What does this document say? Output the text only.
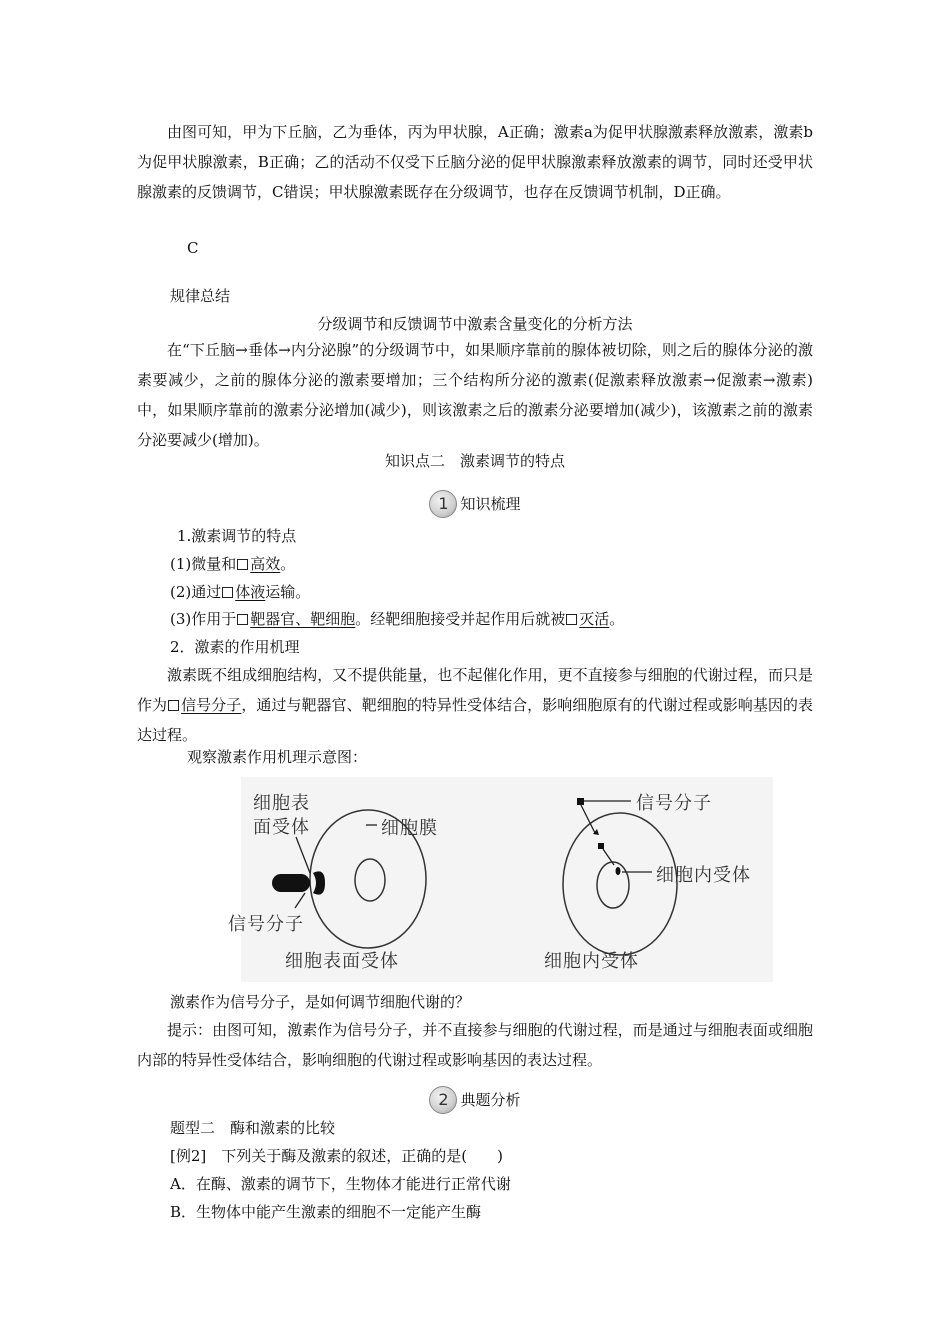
由图可知，甲为下丘脑，乙为垂体，丙为甲状腺，A正确；激素a为促甲状腺激素释放激素，激素b为促甲状腺激素，B正确；乙的活动不仅受下丘脑分泌的促甲状腺激素释放激素的调节，同时还受甲状腺激素的反馈调节，C错误；甲状腺激素既存在分级调节，也存在反馈调节机制，D正确。
C
规律总结
分级调节和反馈调节中激素含量变化的分析方法
在“下丘脑→垂体→内分泌腺”的分级调节中，如果顺序靠前的腺体被切除，则之后的腺体分泌的激素要减少，之前的腺体分泌的激素要增加；三个结构所分泌的激素(促激素释放激素→促激素→激素)中，如果顺序靠前的激素分泌增加(减少)，则该激素之后的激素分泌要增加(减少)，该激素之前的激素分泌要减少(增加)。
知识点二　激素调节的特点
1 知识梳理
1.激素调节的特点
(1)微量和 高效。
(2)通过 体液运输。
(3)作用于 靶器官、靶细胞。经靶细胞接受并起作用后就被 灭活。
2．激素的作用机理
激素既不组成细胞结构，又不提供能量，也不起催化作用，更不直接参与细胞的代谢过程，而只是作为 信号分子，通过与靶器官、靶细胞的特异性受体结合，影响细胞原有的代谢过程或影响基因的表达过程。
观察激素作用机理示意图：
激素作为信号分子，是如何调节细胞代谢的？
提示：由图可知，激素作为信号分子，并不直接参与细胞的代谢过程，而是通过与细胞表面或细胞内部的特异性受体结合，影响细胞的代谢过程或影响基因的表达过程。
2 典题分析
题型二　酶和激素的比较
[例2]　下列关于酶及激素的叙述，正确的是(　　)
A．在酶、激素的调节下，生物体才能进行正常代谢
B．生物体中能产生激素的细胞不一定能产生酶
细胞表
面受体	细胞膜
信号分子
细胞表面受体
信号分子
细胞内受体
细胞内受体
